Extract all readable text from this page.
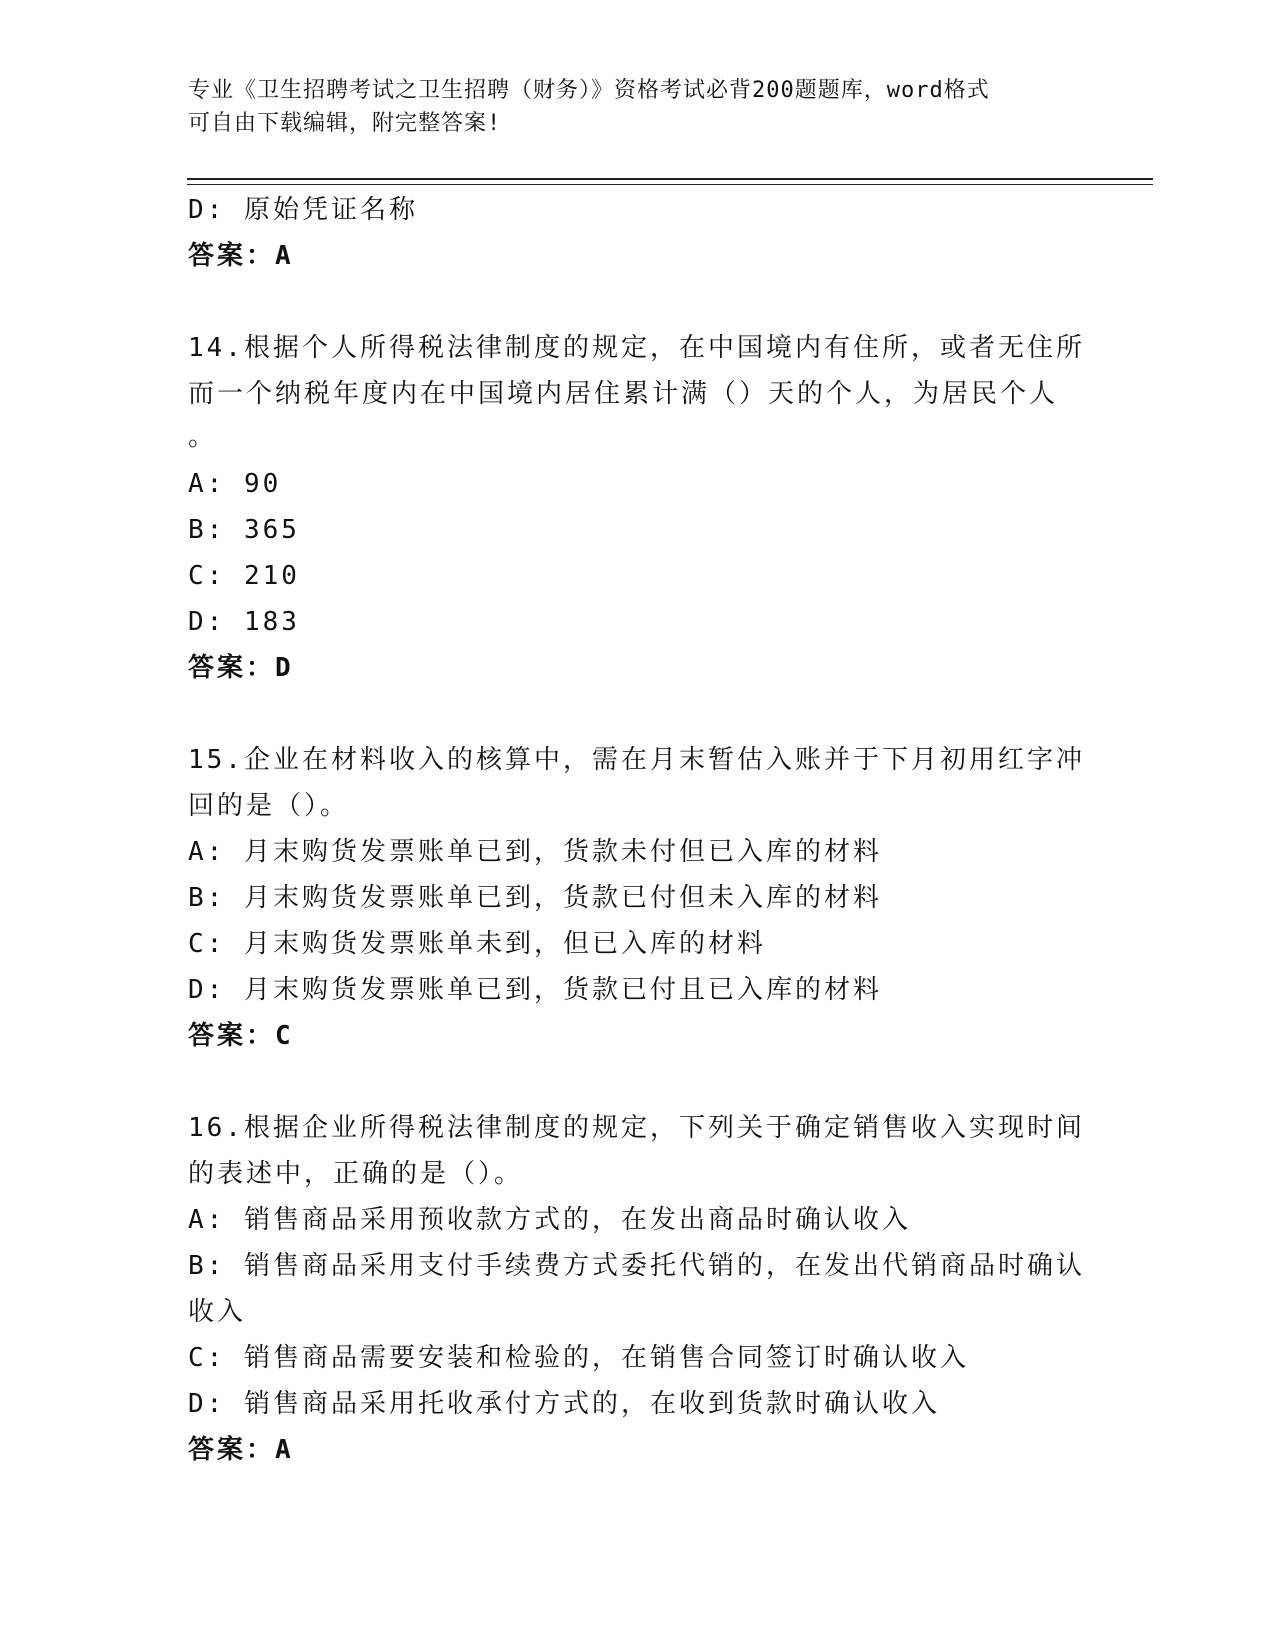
专业《卫生招聘考试之卫生招聘（财务）》资格考试必背200题题库，word格式
可自由下载编辑，附完整答案!
D: 原始凭证名称
答案：A
14.根据个人所得税法律制度的规定，在中国境内有住所，或者无住所
而一个纳税年度内在中国境内居住累计满（）天的个人，为居民个人
。
A: 90
B: 365
C: 210
D: 183
答案：D
15.企业在材料收入的核算中，需在月末暂估入账并于下月初用红字冲
回的是（）。
A: 月末购货发票账单已到，货款未付但已入库的材料
B: 月末购货发票账单已到，货款已付但未入库的材料
C: 月末购货发票账单未到，但已入库的材料
D: 月末购货发票账单已到，货款已付且已入库的材料
答案：C
16.根据企业所得税法律制度的规定，下列关于确定销售收入实现时间
的表述中，正确的是（）。
A: 销售商品采用预收款方式的，在发出商品时确认收入
B: 销售商品采用支付手续费方式委托代销的，在发出代销商品时确认
收入
C: 销售商品需要安装和检验的，在销售合同签订时确认收入
D: 销售商品采用托收承付方式的，在收到货款时确认收入
答案：A
